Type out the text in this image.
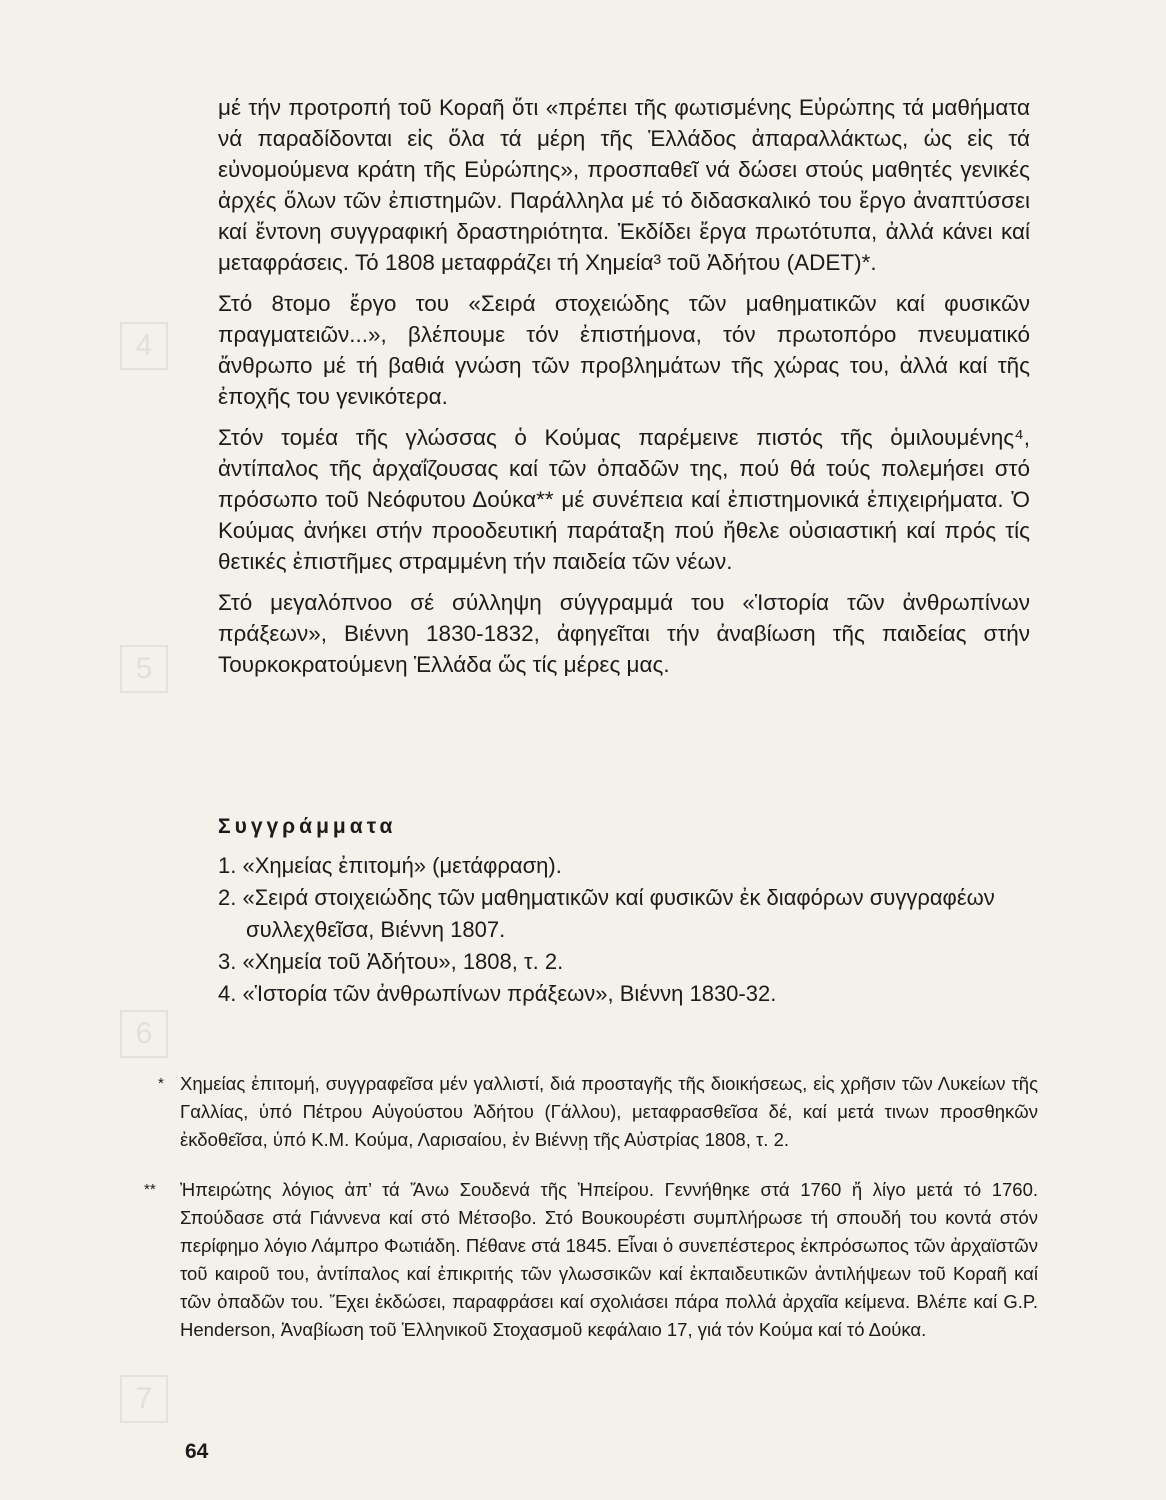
4
5
6
7

μέ τήν προτροπή τοῦ Κοραῆ ὅτι «πρέπει τῆς φωτισμένης Εὐρώπης τά μαθήματα νά παραδίδονται εἰς ὅλα τά μέρη τῆς Ἑλλάδος ἀπαραλλάκτως, ὡς εἰς τά εὐνομούμενα κράτη τῆς Εὐρώπης», προσπαθεῖ νά δώσει στούς μαθητές γενικές ἀρχές ὅλων τῶν ἐπιστημῶν. Παράλληλα μέ τό διδασκαλικό του ἔργο ἀναπτύσσει καί ἔντονη συγγραφική δραστηριότητα. Ἐκδίδει ἔργα πρωτότυπα, ἀλλά κάνει καί μεταφράσεις. Τό 1808 μεταφράζει τή Χημεία³ τοῦ Ἀδήτου (ADET)*.

Στό 8τομο ἔργο του «Σειρά στοχειώδης τῶν μαθηματικῶν καί φυσικῶν πραγματειῶν...», βλέπουμε τόν ἐπιστήμονα, τόν πρωτοπόρο πνευματικό ἄνθρωπο μέ τή βαθιά γνώση τῶν προβλημάτων τῆς χώρας του, ἀλλά καί τῆς ἐποχῆς του γενικότερα.

Στόν τομέα τῆς γλώσσας ὁ Κούμας παρέμεινε πιστός τῆς ὁμιλουμένης⁴, ἀντίπαλος τῆς ἀρχαΐζουσας καί τῶν ὀπαδῶν της, πού θά τούς πολεμήσει στό πρόσωπο τοῦ Νεόφυτου Δούκα** μέ συνέπεια καί ἐπιστημονικά ἐπιχειρήματα. Ὁ Κούμας ἀνήκει στήν προοδευτική παράταξη πού ἤθελε οὐσιαστική καί πρός τίς θετικές ἐπιστῆμες στραμμένη τήν παιδεία τῶν νέων.

Στό μεγαλόπνοο σέ σύλληψη σύγγραμμά του «Ἱστορία τῶν ἀνθρωπίνων πράξεων», Βιέννη 1830-1832, ἀφηγεῖται τήν ἀναβίωση τῆς παιδείας στήν Τουρκοκρατούμενη Ἑλλάδα ὥς τίς μέρες μας.

Συγγράμματα
1. «Χημείας ἐπιτομή» (μετάφραση).
2. «Σειρά στοιχειώδης τῶν μαθηματικῶν καί φυσικῶν ἐκ διαφόρων συγγραφέων συλλεχθεῖσα, Βιέννη 1807.
3. «Χημεία τοῦ Ἀδήτου», 1808, τ. 2.
4. «Ἱστορία τῶν ἀνθρωπίνων πράξεων», Βιέννη 1830-32.

* Χημείας ἐπιτομή, συγγραφεῖσα μέν γαλλιστί, διά προσταγῆς τῆς διοικήσεως, εἰς χρῆσιν τῶν Λυκείων τῆς Γαλλίας, ὑπό Πέτρου Αὐγούστου Ἀδήτου (Γάλλου), μεταφρασθεῖσα δέ, καί μετά τινων προσθηκῶν ἐκδοθεῖσα, ὑπό Κ.Μ. Κούμα, Λαρισαίου, ἐν Βιέννῃ τῆς Αὐστρίας 1808, τ. 2.

** Ἠπειρώτης λόγιος ἀπ’ τά Ἄνω Σουδενά τῆς Ἠπείρου. Γεννήθηκε στά 1760 ἤ λίγο μετά τό 1760. Σπούδασε στά Γιάννενα καί στό Μέτσοβο. Στό Βουκουρέστι συμπλήρωσε τή σπουδή του κοντά στόν περίφημο λόγιο Λάμπρο Φωτιάδη. Πέθανε στά 1845. Εἶναι ὁ συνεπέστερος ἐκπρόσωπος τῶν ἀρχαϊστῶν τοῦ καιροῦ του, ἀντίπαλος καί ἐπικριτής τῶν γλωσσικῶν καί ἐκπαιδευτικῶν ἀντιλήψεων τοῦ Κοραῆ καί τῶν ὀπαδῶν του. Ἔχει ἐκδώσει, παραφράσει καί σχολιάσει πάρα πολλά ἀρχαῖα κείμενα. Βλέπε καί G.P. Henderson, Ἀναβίωση τοῦ Ἑλληνικοῦ Στοχασμοῦ κεφάλαιο 17, γιά τόν Κούμα καί τό Δούκα.

64
